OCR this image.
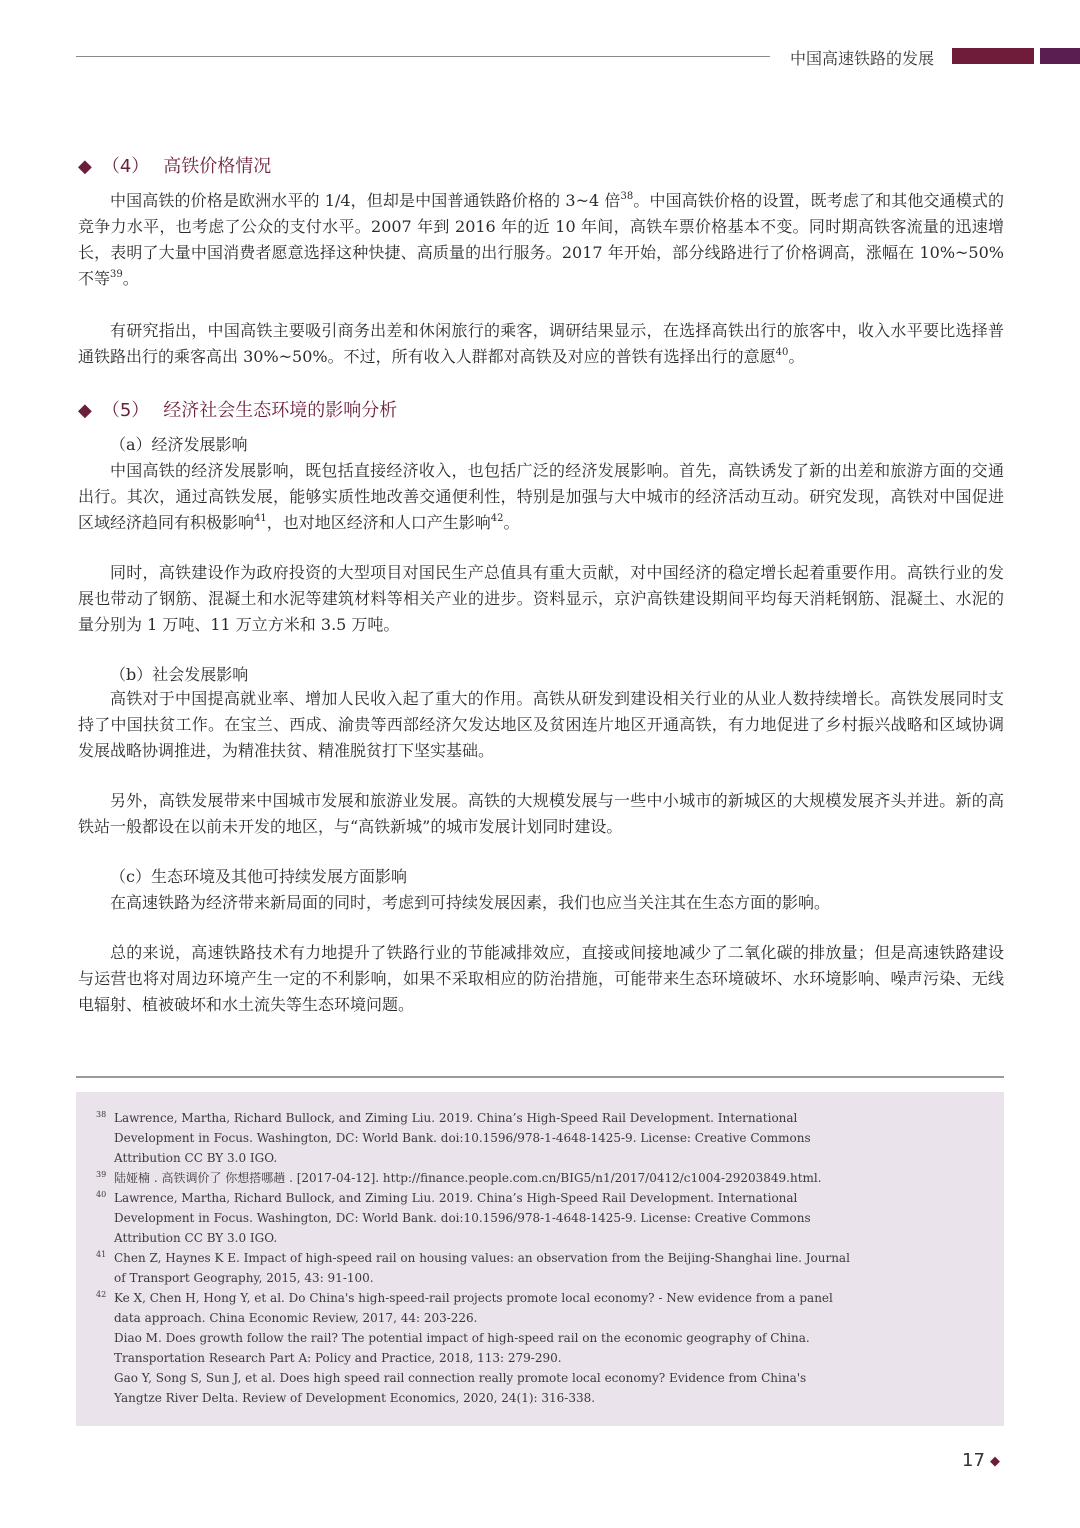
中国高速铁路的发展
◆ （4） 高铁价格情况

中国高铁的价格是欧洲水平的 1/4，但却是中国普通铁路价格的 3~4 倍$^{38}$。中国高铁价格的设置，既考虑了和其他交通模式的竞争力水平，也考虑了公众的支付水平。2007 年到 2016 年的近 10 年间，高铁车票价格基本不变。同时期高铁客流量的迅速增长，表明了大量中国消费者愿意选择这种快捷、高质量的出行服务。2017 年开始，部分线路进行了价格调高，涨幅在 10%~50% 不等$^{39}$。

有研究指出，中国高铁主要吸引商务出差和休闲旅行的乘客，调研结果显示，在选择高铁出行的旅客中，收入水平要比选择普通铁路出行的乘客高出 30%~50%。不过，所有收入人群都对高铁及对应的普铁有选择出行的意愿$^{40}$。

◆ （5） 经济社会生态环境的影响分析
（a）经济发展影响

中国高铁的经济发展影响，既包括直接经济收入，也包括广泛的经济发展影响。首先，高铁诱发了新的出差和旅游方面的交通出行。其次，通过高铁发展，能够实质性地改善交通便利性，特别是加强与大中城市的经济活动互动。研究发现，高铁对中国促进区域经济趋同有积极影响$^{41}$，也对地区经济和人口产生影响$^{42}$。

同时，高铁建设作为政府投资的大型项目对国民生产总值具有重大贡献，对中国经济的稳定增长起着重要作用。高铁行业的发展也带动了钢筋、混凝土和水泥等建筑材料等相关产业的进步。资料显示，京沪高铁建设期间平均每天消耗钢筋、混凝土、水泥的量分别为 1 万吨、11 万立方米和 3.5 万吨。

（b）社会发展影响

高铁对于中国提高就业率、增加人民收入起了重大的作用。高铁从研发到建设相关行业的从业人数持续增长。高铁发展同时支持了中国扶贫工作。在宝兰、西成、渝贵等西部经济欠发达地区及贫困连片地区开通高铁，有力地促进了乡村振兴战略和区域协调发展战略协调推进，为精准扶贫、精准脱贫打下坚实基础。

另外，高铁发展带来中国城市发展和旅游业发展。高铁的大规模发展与一些中小城市的新城区的大规模发展齐头并进。新的高铁站一般都设在以前未开发的地区，与“高铁新城”的城市发展计划同时建设。

（c）生态环境及其他可持续发展方面影响

在高速铁路为经济带来新局面的同时，考虑到可持续发展因素，我们也应当关注其在生态方面的影响。

总的来说，高速铁路技术有力地提升了铁路行业的节能减排效应，直接或间接地减少了二氧化碳的排放量；但是高速铁路建设与运营也将对周边环境产生一定的不利影响，如果不采取相应的防治措施，可能带来生态环境破坏、水环境影响、噪声污染、无线电辐射、植被破坏和水土流失等生态环境问题。

38 Lawrence, Martha, Richard Bullock, and Ziming Liu. 2019. China’s High-Speed Rail Development. International Development in Focus. Washington, DC: World Bank. doi:10.1596/978-1-4648-1425-9. License: Creative Commons Attribution CC BY 3.0 IGO.
39 陆娅楠 . 高铁调价了 你想搭哪趟 . [2017-04-12]. http://finance.people.com.cn/BIG5/n1/2017/0412/c1004-29203849.html.
40 Lawrence, Martha, Richard Bullock, and Ziming Liu. 2019. China’s High-Speed Rail Development. International Development in Focus. Washington, DC: World Bank. doi:10.1596/978-1-4648-1425-9. License: Creative Commons Attribution CC BY 3.0 IGO.
41 Chen Z, Haynes K E. Impact of high-speed rail on housing values: an observation from the Beijing-Shanghai line. Journal of Transport Geography, 2015, 43: 91-100.
42 Ke X, Chen H, Hong Y, et al. Do China's high-speed-rail projects promote local economy? - New evidence from a panel data approach. China Economic Review, 2017, 44: 203-226.
Diao M. Does growth follow the rail? The potential impact of high-speed rail on the economic geography of China. Transportation Research Part A: Policy and Practice, 2018, 113: 279-290.
Gao Y, Song S, Sun J, et al. Does high speed rail connection really promote local economy? Evidence from China's Yangtze River Delta. Review of Development Economics, 2020, 24(1): 316-338.
17 ◆
